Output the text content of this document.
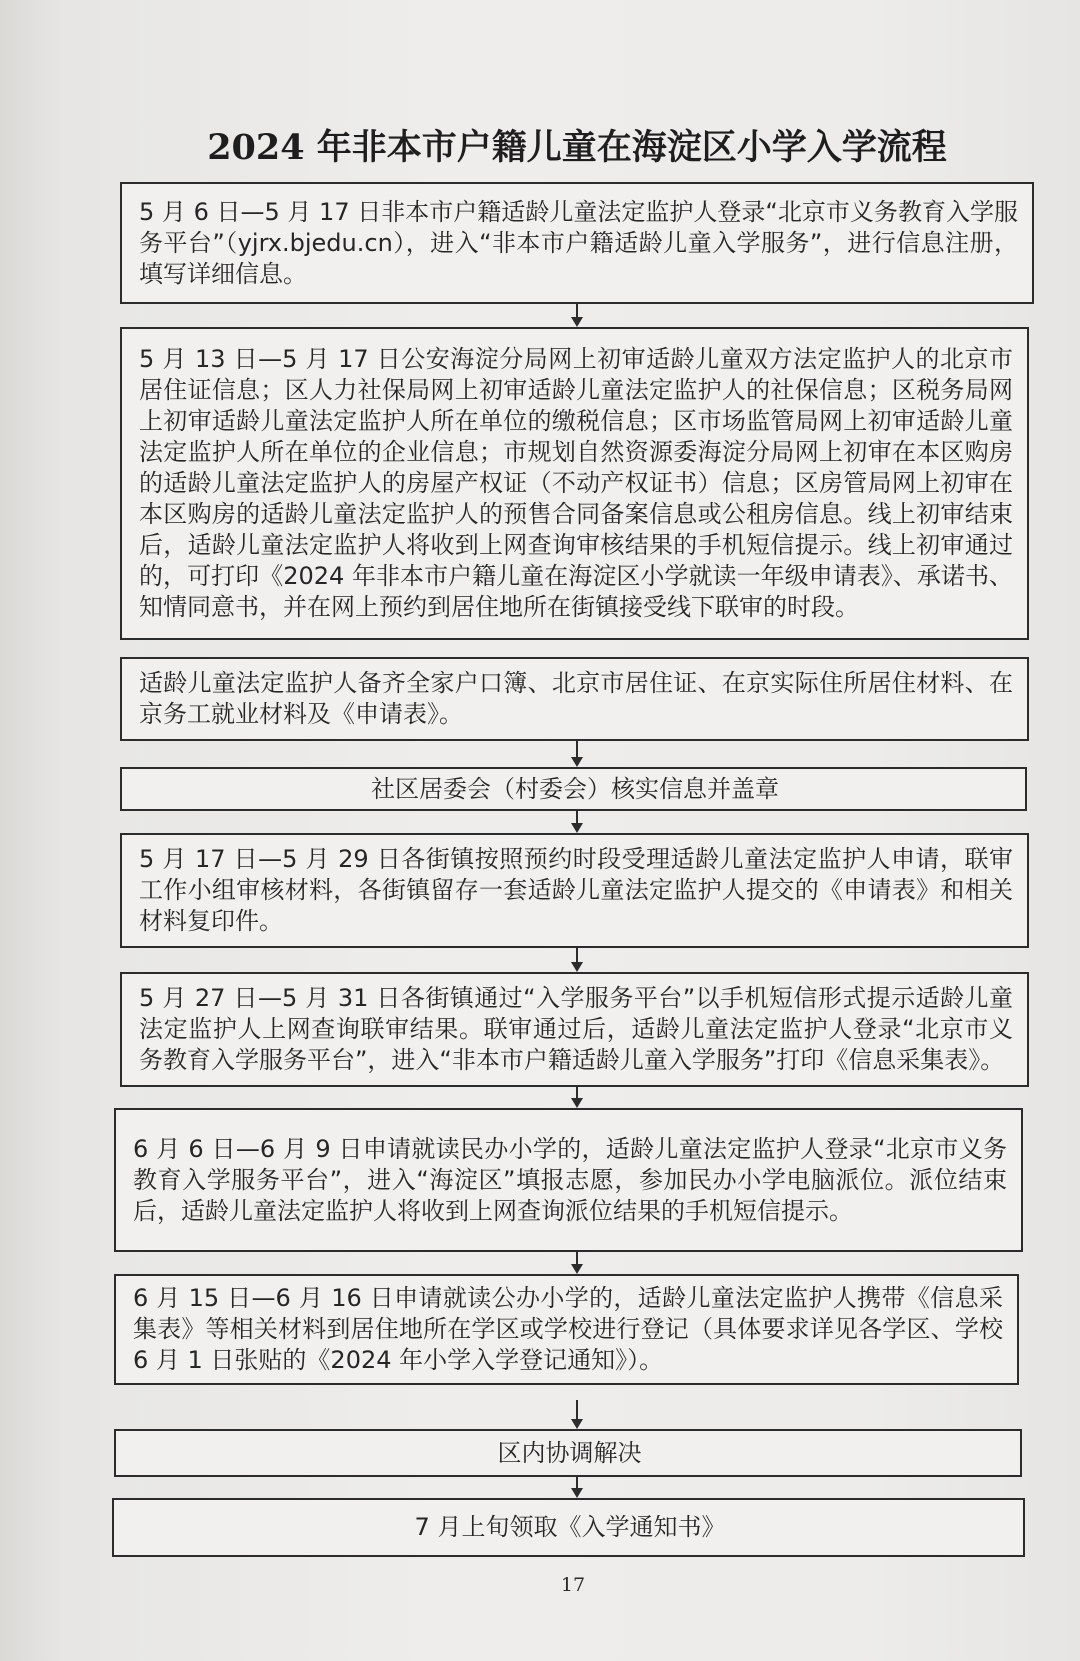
2024 年非本市户籍儿童在海淀区小学入学流程

5 月 6 日—5 月 17 日非本市户籍适龄儿童法定监护人登录“北京市义务教育入学服务平台”（yjrx.bjedu.cn），进入“非本市户籍适龄儿童入学服务”，进行信息注册，填写详细信息。

5 月 13 日—5 月 17 日公安海淀分局网上初审适龄儿童双方法定监护人的北京市居住证信息；区人力社保局网上初审适龄儿童法定监护人的社保信息；区税务局网上初审适龄儿童法定监护人所在单位的缴税信息；区市场监管局网上初审适龄儿童法定监护人所在单位的企业信息；市规划自然资源委海淀分局网上初审在本区购房的适龄儿童法定监护人的房屋产权证（不动产权证书）信息；区房管局网上初审在本区购房的适龄儿童法定监护人的预售合同备案信息或公租房信息。线上初审结束后，适龄儿童法定监护人将收到上网查询审核结果的手机短信提示。线上初审通过的，可打印《2024 年非本市户籍儿童在海淀区小学就读一年级申请表》、承诺书、知情同意书，并在网上预约到居住地所在街镇接受线下联审的时段。

适龄儿童法定监护人备齐全家户口簿、北京市居住证、在京实际住所居住材料、在京务工就业材料及《申请表》。

社区居委会（村委会）核实信息并盖章

5 月 17 日—5 月 29 日各街镇按照预约时段受理适龄儿童法定监护人申请，联审工作小组审核材料，各街镇留存一套适龄儿童法定监护人提交的《申请表》和相关材料复印件。

5 月 27 日—5 月 31 日各街镇通过“入学服务平台”以手机短信形式提示适龄儿童法定监护人上网查询联审结果。联审通过后，适龄儿童法定监护人登录“北京市义务教育入学服务平台”，进入“非本市户籍适龄儿童入学服务”打印《信息采集表》。

6 月 6 日—6 月 9 日申请就读民办小学的，适龄儿童法定监护人登录“北京市义务教育入学服务平台”，进入“海淀区”填报志愿，参加民办小学电脑派位。派位结束后，适龄儿童法定监护人将收到上网查询派位结果的手机短信提示。

6 月 15 日—6 月 16 日申请就读公办小学的，适龄儿童法定监护人携带《信息采集表》等相关材料到居住地所在学区或学校进行登记（具体要求详见各学区、学校 6 月 1 日张贴的《2024 年小学入学登记通知》）。

区内协调解决

7 月上旬领取《入学通知书》

17
